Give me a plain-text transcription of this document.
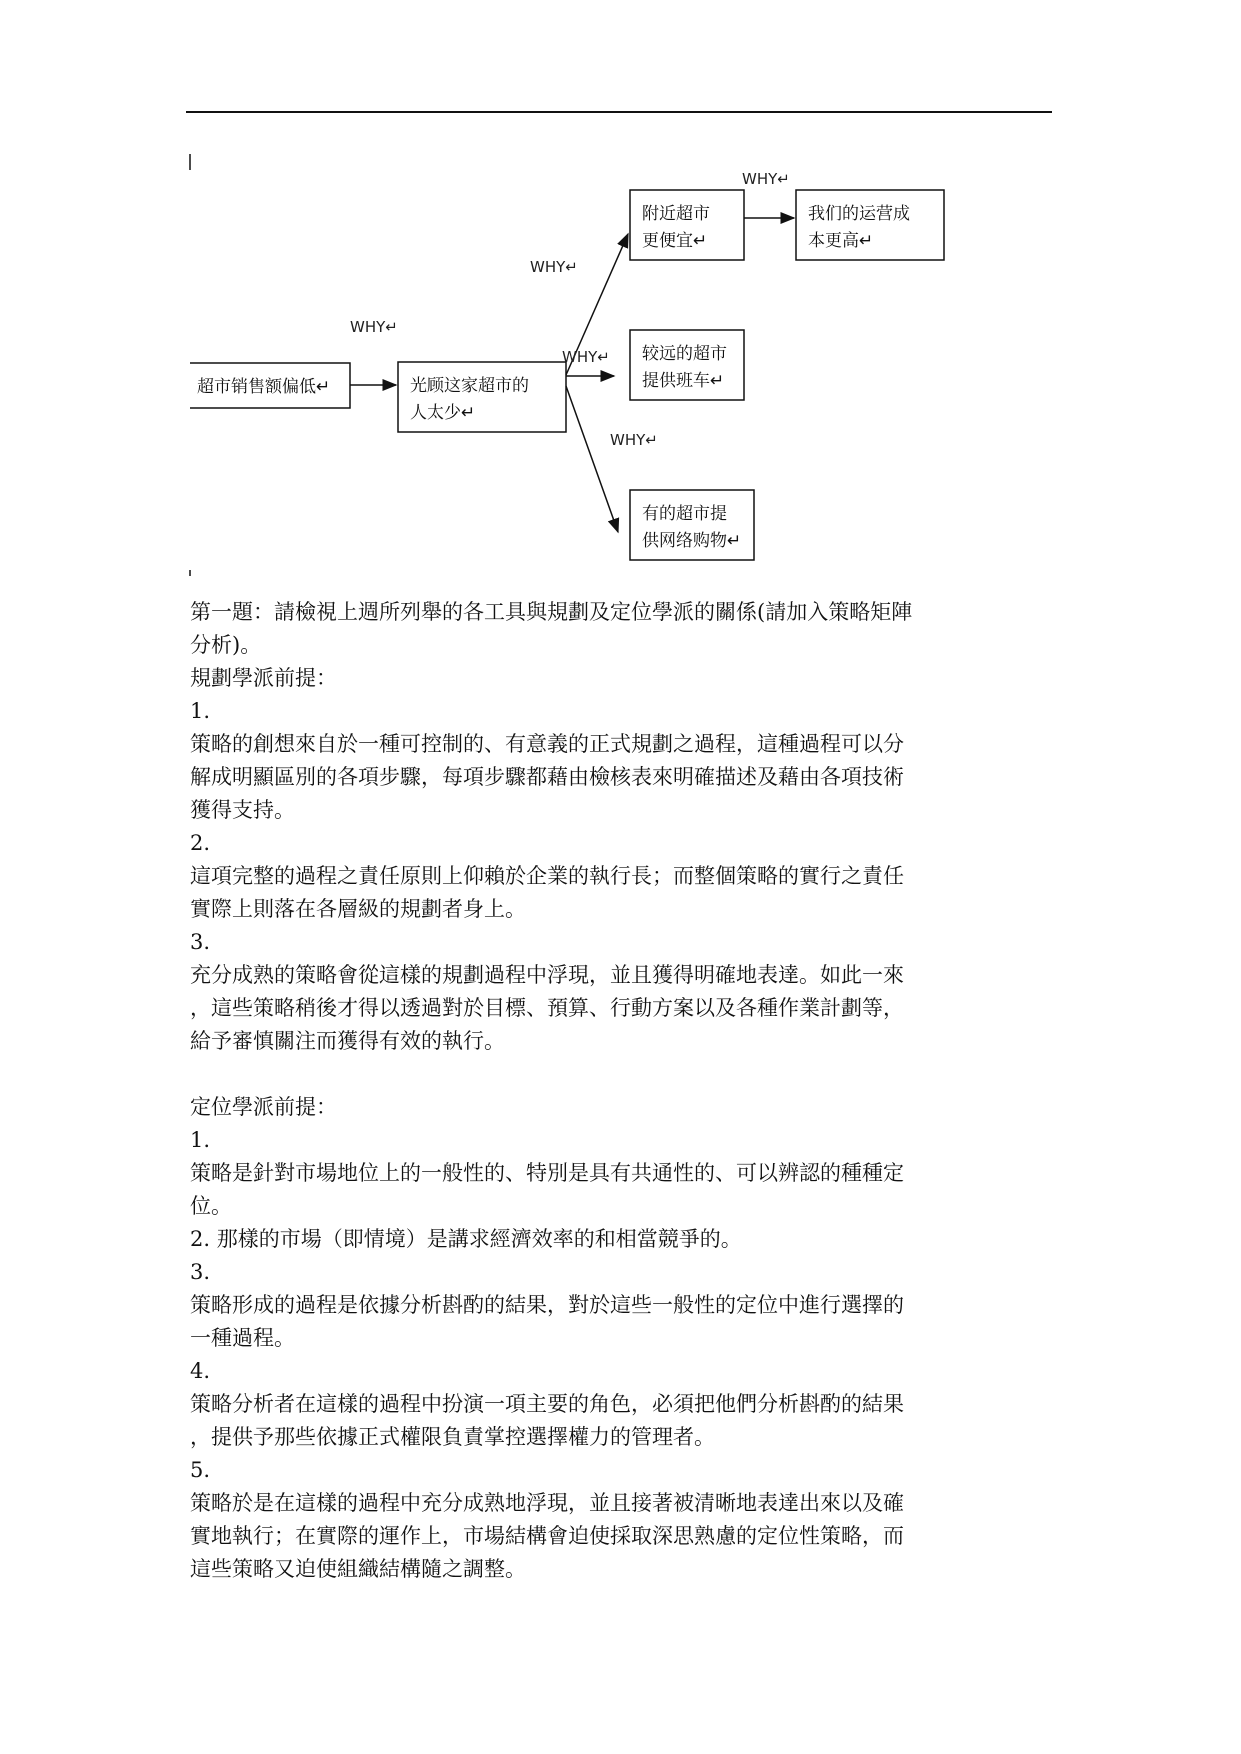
超市销售额偏低↵	光顾这家超市的
人太少↵
附近超市
更便宜↵
我们的运营成
本更高↵
较远的超市
提供班车↵
有的超市提
供网络购物↵
WHY↵
WHY↵
WHY↵
WHY↵
WHY↵

第一題：請檢視上週所列舉的各工具與規劃及定位學派的關係(請加入策略矩陣

分析)。

規劃學派前提：

1.

策略的創想來自於一種可控制的、有意義的正式規劃之過程，這種過程可以分

解成明顯區別的各項步驟，每項步驟都藉由檢核表來明確描述及藉由各項技術

獲得支持。

2.

這項完整的過程之責任原則上仰賴於企業的執行長；而整個策略的實行之責任

實際上則落在各層級的規劃者身上。

3.

充分成熟的策略會從這樣的規劃過程中浮現，並且獲得明確地表達。如此一來

，這些策略稍後才得以透過對於目標、預算、行動方案以及各種作業計劃等，

給予審慎關注而獲得有效的執行。

定位學派前提：

1.

策略是針對市場地位上的一般性的、特別是具有共通性的、可以辨認的種種定

位。

2. 那樣的市場（即情境）是講求經濟效率的和相當競爭的。

3.

策略形成的過程是依據分析斟酌的結果，對於這些一般性的定位中進行選擇的

一種過程。

4.

策略分析者在這樣的過程中扮演一項主要的角色，必須把他們分析斟酌的結果

，提供予那些依據正式權限負責掌控選擇權力的管理者。

5.

策略於是在這樣的過程中充分成熟地浮現，並且接著被清晰地表達出來以及確

實地執行；在實際的運作上，市場結構會迫使採取深思熟慮的定位性策略，而

這些策略又迫使組織結構隨之調整。
